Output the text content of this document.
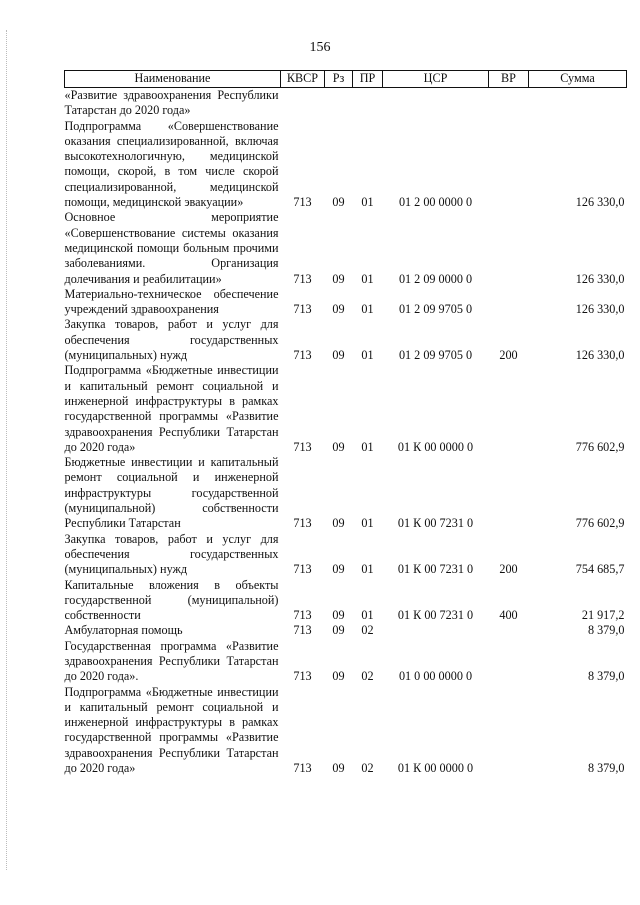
156
Наименование	КВСР	Рз	ПР	ЦСР	ВР	Сумма
«Развитие здравоохранения Республики Татарстан до 2020 года»						
Подпрограмма «Совершенствование оказания специализированной, включая высокотехнологичную, медицинской помощи, скорой, в том числе скорой специализированной, медицинской помощи, медицинской эвакуации»	713	09	01	01 2 00 0000 0		126 330,0
Основное мероприятие «Совершенствование системы оказания медицинской помощи больным прочими заболеваниями. Организация долечивания и реабилитации»	713	09	01	01 2 09 0000 0		126 330,0
Материально-техническое обеспечение учреждений здравоохранения	713	09	01	01 2 09 9705 0		126 330,0
Закупка товаров, работ и услуг для обеспечения государственных (муниципальных) нужд	713	09	01	01 2 09 9705 0	200	126 330,0
Подпрограмма «Бюджетные инвестиции и капитальный ремонт социальной и инженерной инфраструктуры в рамках государственной программы «Развитие здравоохранения Республики Татарстан до 2020 года»	713	09	01	01 К 00 0000 0		776 602,9
Бюджетные инвестиции и капитальный ремонт социальной и инженерной инфраструктуры государственной (муниципальной) собственности Республики Татарстан	713	09	01	01 К 00 7231 0		776 602,9
Закупка товаров, работ и услуг для обеспечения государственных (муниципальных) нужд	713	09	01	01 К 00 7231 0	200	754 685,7
Капитальные вложения в объекты государственной (муниципальной) собственности	713	09	01	01 К 00 7231 0	400	21 917,2
Амбулаторная помощь	713	09	02			8 379,0
Государственная программа «Развитие здравоохранения Республики Татарстан до 2020 года».	713	09	02	01 0 00 0000 0		8 379,0
Подпрограмма «Бюджетные инвестиции и капитальный ремонт социальной и инженерной инфраструктуры в рамках государственной программы «Развитие здравоохранения Республики Татарстан до 2020 года»	713	09	02	01 К 00 0000 0		8 379,0
